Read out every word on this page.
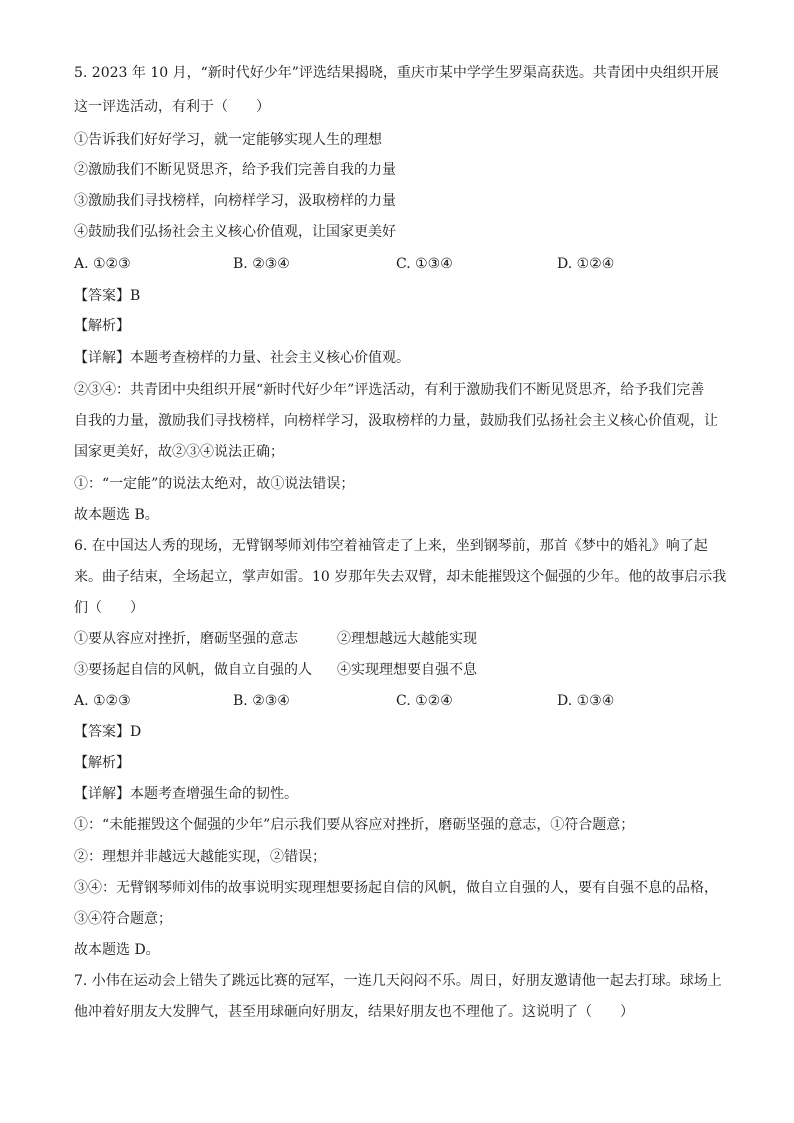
5. 2023 年 10 月，“新时代好少年”评选结果揭晓，重庆市某中学学生罗渠高获选。共青团中央组织开展
这一评选活动，有利于（　　）
①告诉我们好好学习，就一定能够实现人生的理想
②激励我们不断见贤思齐，给予我们完善自我的力量
③激励我们寻找榜样，向榜样学习，汲取榜样的力量
④鼓励我们弘扬社会主义核心价值观，让国家更美好
A. ①②③	B. ②③④	C. ①③④	D. ①②④
【答案】B
【解析】
【详解】本题考查榜样的力量、社会主义核心价值观。
②③④：共青团中央组织开展“新时代好少年”评选活动，有利于激励我们不断见贤思齐，给予我们完善
自我的力量，激励我们寻找榜样，向榜样学习，汲取榜样的力量，鼓励我们弘扬社会主义核心价值观，让
国家更美好，故②③④说法正确；
①：“一定能”的说法太绝对，故①说法错误；
故本题选 B。
6. 在中国达人秀的现场，无臂钢琴师刘伟空着袖管走了上来，坐到钢琴前，那首《梦中的婚礼》响了起
来。曲子结束，全场起立，掌声如雷。10 岁那年失去双臂，却未能摧毁这个倔强的少年。他的故事启示我
们（　　）
①要从容应对挫折，磨砺坚强的意志	②理想越远大越能实现
③要扬起自信的风帆，做自立自强的人 ④实现理想要自强不息
A. ①②③	B. ②③④	C. ①②④	D. ①③④
【答案】D
【解析】
【详解】本题考查增强生命的韧性。
①：“未能摧毁这个倔强的少年”启示我们要从容应对挫折，磨砺坚强的意志，①符合题意；
②：理想并非越远大越能实现，②错误；
③④：无臂钢琴师刘伟的故事说明实现理想要扬起自信的风帆，做自立自强的人，要有自强不息的品格，
③④符合题意；
故本题选 D。
7. 小伟在运动会上错失了跳远比赛的冠军，一连几天闷闷不乐。周日，好朋友邀请他一起去打球。球场上
他冲着好朋友大发脾气，甚至用球砸向好朋友，结果好朋友也不理他了。这说明了（　　）
